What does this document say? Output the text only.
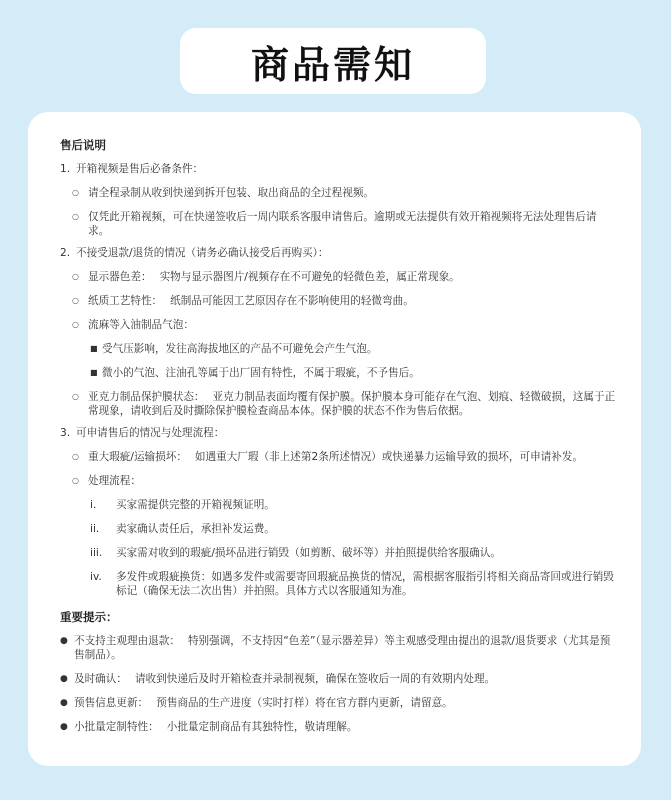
商品需知
售后说明
1. 开箱视频是售后必备条件：
○ 请全程录制从收到快递到拆开包装、取出商品的全过程视频。
○ 仅凭此开箱视频，可在快递签收后一周内联系客服申请售后。逾期或无法提供有效开箱视频将无法处理售后请求。
2. 不接受退款/退货的情况（请务必确认接受后再购买）：
○ 显示器色差： 实物与显示器图片/视频存在不可避免的轻微色差，属正常现象。
○ 纸质工艺特性： 纸制品可能因工艺原因存在不影响使用的轻微弯曲。
○ 流麻等入油制品气泡：
■ 受气压影响，发往高海拔地区的产品不可避免会产生气泡。
■ 微小的气泡、注油孔等属于出厂固有特性，不属于瑕疵，不予售后。
○ 亚克力制品保护膜状态： 亚克力制品表面均覆有保护膜。保护膜本身可能存在气泡、划痕、轻微破损，这属于正常现象，请收到后及时撕除保护膜检查商品本体。保护膜的状态不作为售后依据。
3. 可申请售后的情况与处理流程：
○ 重大瑕疵/运输损坏： 如遇重大厂瑕（非上述第2条所述情况）或快递暴力运输导致的损坏，可申请补发。
○ 处理流程：
i.	买家需提供完整的开箱视频证明。
ii.	卖家确认责任后，承担补发运费。
iii.	买家需对收到的瑕疵/损坏品进行销毁（如剪断、破坏等）并拍照提供给客服确认。
iv.	多发件或瑕疵换货：如遇多发件或需要寄回瑕疵品换货的情况，需根据客服指引将相关商品寄回或进行销毁标记（确保无法二次出售）并拍照。具体方式以客服通知为准。
重要提示：
● 不支持主观理由退款： 特别强调，不支持因“色差”（显示器差异）等主观感受理由提出的退款/退货要求（尤其是预售制品）。
● 及时确认： 请收到快递后及时开箱检查并录制视频，确保在签收后一周的有效期内处理。
● 预售信息更新： 预售商品的生产进度（实时打样）将在官方群内更新，请留意。
● 小批量定制特性： 小批量定制商品有其独特性，敬请理解。
